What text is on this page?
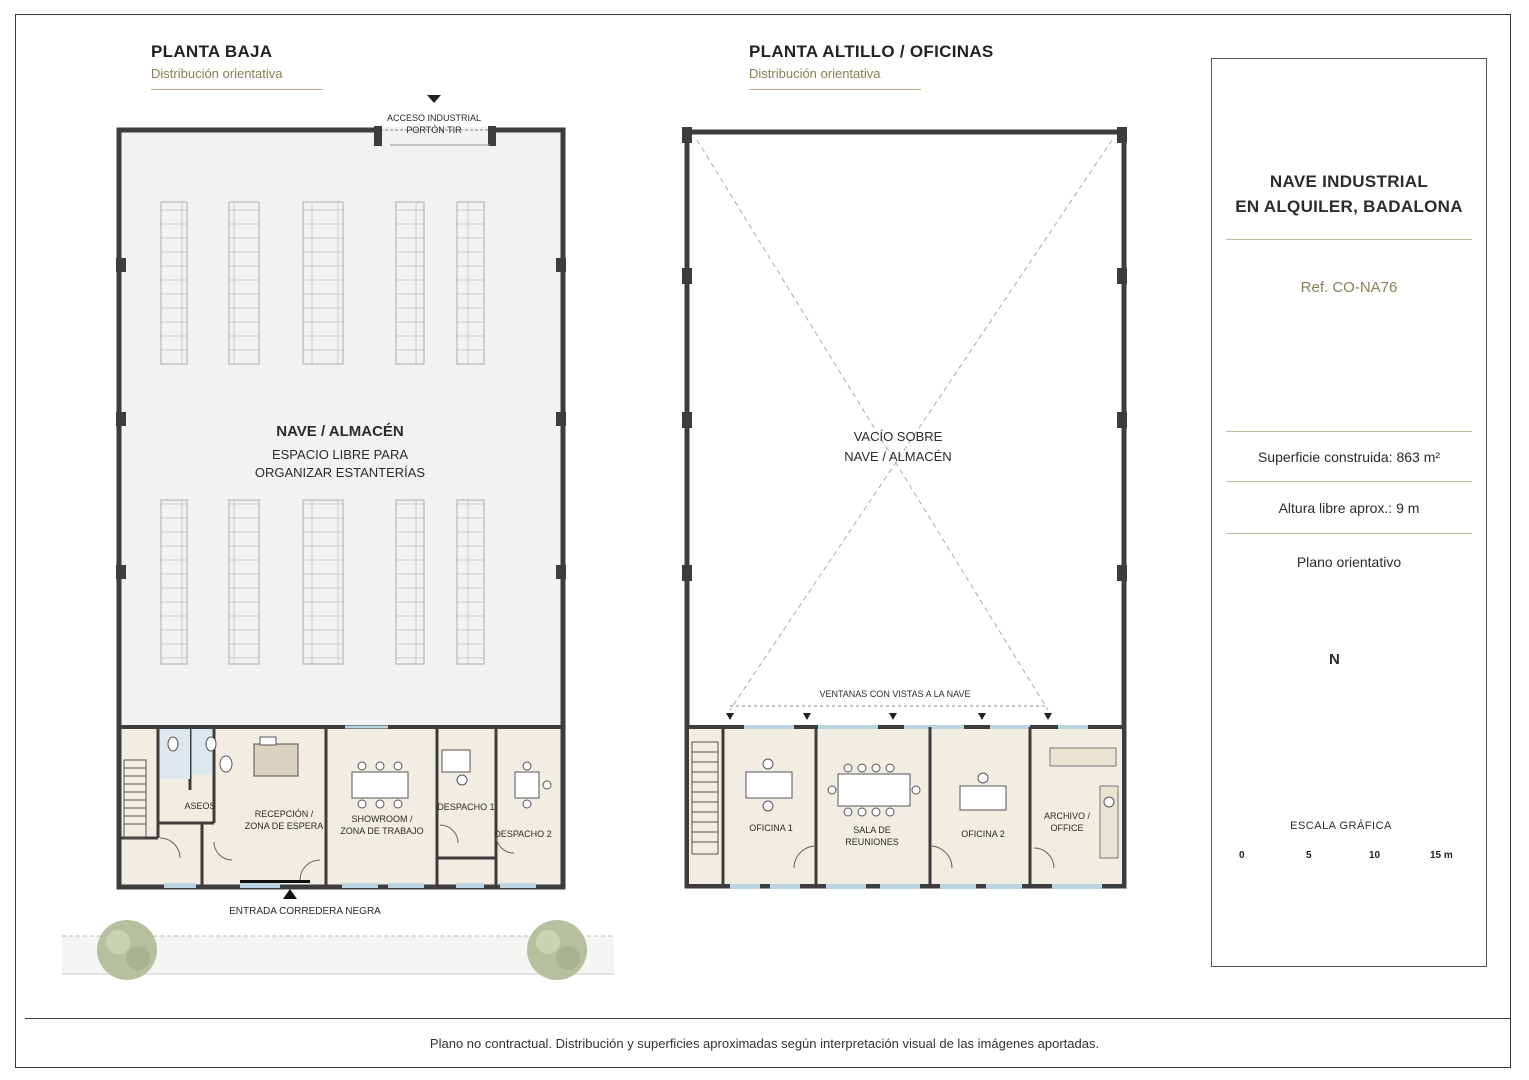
PLANTA BAJA
Distribución orientativa
PLANTA ALTILLO / OFICINAS
Distribución orientativa
ACCESO INDUSTRIAL
PORTÓN TIR
NAVE / ALMACÉN
ESPACIO LIBRE PARA
ORGANIZAR ESTANTERÍAS
ASEOS
RECEPCIÓN /
ZONA DE ESPERA
SHOWROOM /
ZONA DE TRABAJO
DESPACHO 1
DESPACHO 2
ENTRADA CORREDERA NEGRA
VACÍO SOBRE
NAVE / ALMACÉN
VENTANAS CON VISTAS A LA NAVE
OFICINA 1	SALA DE
REUNIONES
OFICINA 2
ARCHIVO /
OFFICE
NAVE INDUSTRIAL
EN ALQUILER, BADALONA
Ref. CO-NA76
Superficie construida: 863 m²
Altura libre aprox.: 9 m
Plano orientativo
N
ESCALA GRÁFICA
0	5	10	15 m
Plano no contractual. Distribución y superficies aproximadas según interpretación visual de las imágenes aportadas.
